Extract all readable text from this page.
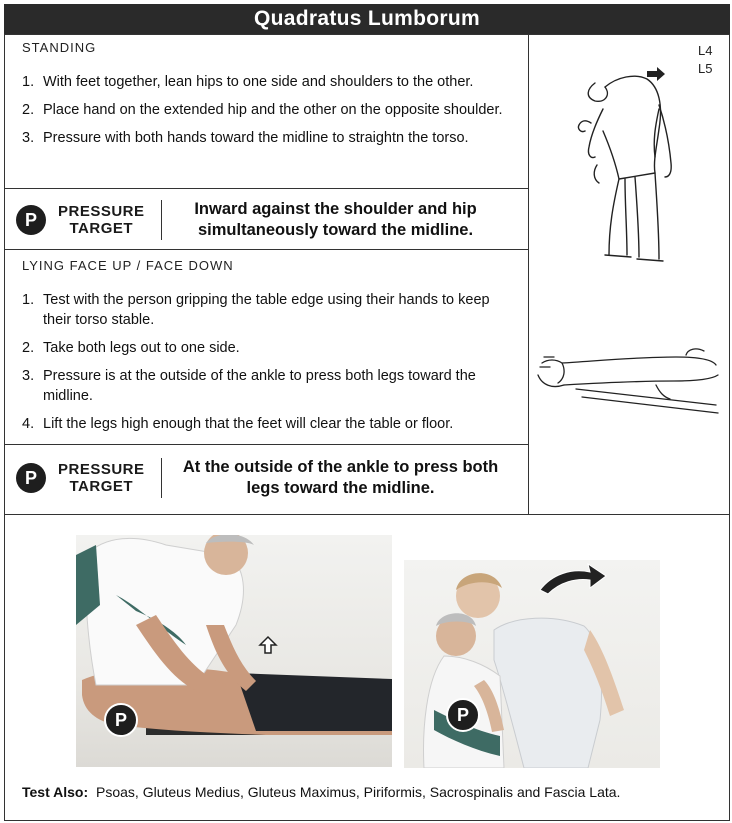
Quadratus Lumborum
STANDING
1. With feet together, lean hips to one side and shoulders to the other.
2. Place hand on the extended hip and the other on the opposite shoulder.
3. Pressure with both hands toward the midline to straightn the torso.
P	PRESSURE
TARGET
Inward against the shoulder and hip simultaneously toward the midline.
LYING FACE UP / FACE DOWN
1. Test with the person gripping the table edge using their hands to keep their torso stable.
2. Take both legs out to one side.
3. Pressure is at the outside of the ankle to press both legs toward the midline.
4. Lift the legs high enough that the feet will clear the table or floor.
P	PRESSURE
TARGET
At the outside of the ankle to press both legs toward the midline.
L4
L5
P	P
Test Also: Psoas, Gluteus Medius, Gluteus Maximus, Piriformis, Sacrospinalis and Fascia Lata.
